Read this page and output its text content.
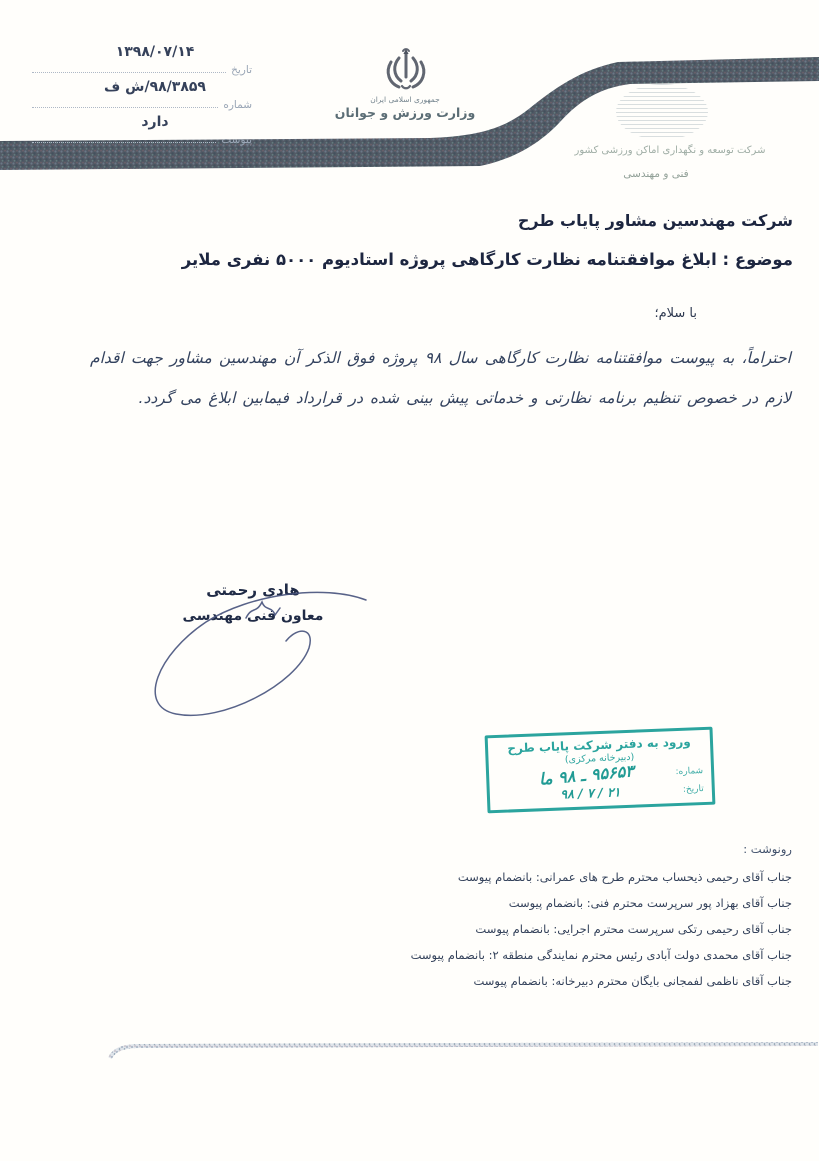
۱۳۹۸/۰۷/۱۴
تاریخ
۹۸/۳۸۵۹/ش ف
شماره
دارد
پیوست
جمهوری اسلامی ایران
وزارت ورزش و جوانان
شرکت توسعه و نگهداری اماکن ورزشی کشور
فنی و مهندسی
شرکت مهندسین مشاور پایاب طرح
موضوع : ابلاغ موافقتنامه نظارت کارگاهی پروژه استادیوم ۵۰۰۰ نفری ملایر
با سلام؛
احتراماً، به پیوست موافقتنامه نظارت کارگاهی سال ۹۸ پروژه فوق الذکر آن مهندسین مشاور جهت اقدام لازم در خصوص تنظیم برنامه نظارتی و خدماتی پیش بینی شده در قرارداد فیمابین ابلاغ می گردد.
هادی رحمتی
معاون فنی مهندسی
ورود به دفتر شرکت پایاب طرح
(دبیرخانه مرکزی)
شماره:
۹۵۶۵۳ ـ ۹۸ ما
تاریخ:
۲۱ / ۷ / ۹۸
رونوشت :
جناب آقای رحیمی ذیحساب محترم طرح های عمرانی: بانضمام پیوست
جناب آقای بهزاد پور سرپرست محترم فنی: بانضمام پیوست
جناب آقای رحیمی رتکی سرپرست محترم اجرایی: بانضمام پیوست
جناب آقای محمدی دولت آبادی رئیس محترم نمایندگی منطقه ۲: بانضمام پیوست
جناب آقای ناظمی لفمجانی بایگان محترم دبیرخانه: بانضمام پیوست
